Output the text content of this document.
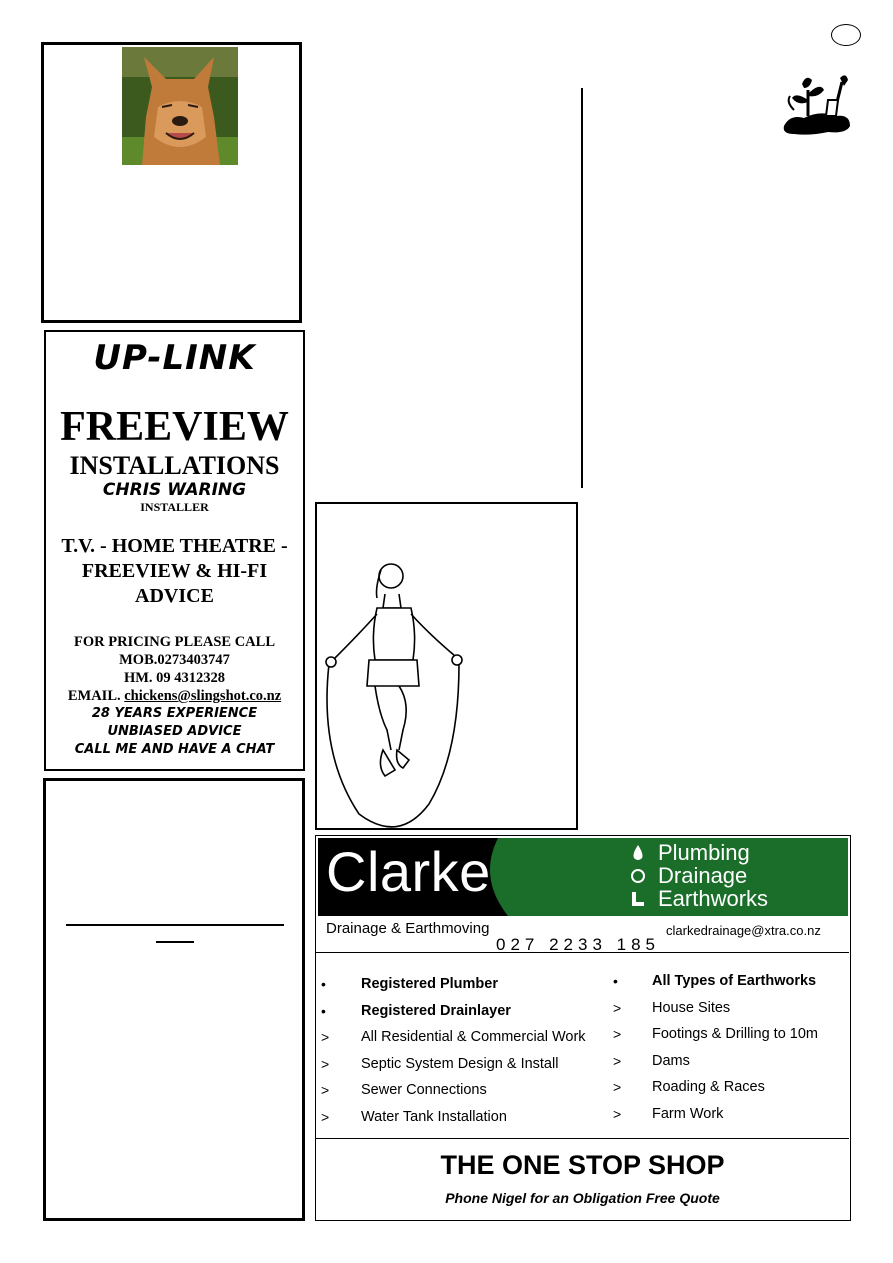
UP-LINK
FREEVIEW
INSTALLATIONS
CHRIS WARING
INSTALLER
T.V. - HOME THEATRE -
FREEVIEW & HI-FI
ADVICE
FOR PRICING PLEASE CALL
MOB.0273403747
HM. 09 4312328
EMAIL. chickens@slingshot.co.nz
28 YEARS EXPERIENCE
UNBIASED ADVICE
CALL ME AND HAVE A CHAT
Clarke	Plumbing
Drainage
Earthworks
Drainage & Earthmoving	clarkedrainage@xtra.co.nz
027 2233 185
THE ONE STOP SHOP
Phone Nigel for an Obligation Free Quote
• Registered Plumber
• Registered Drainlayer
> All Residential & Commercial Work
> Septic System Design & Install
> Sewer Connections
> Water Tank Installation
• All Types of Earthworks
> House Sites
> Footings & Drilling to 10m
> Dams
> Roading & Races
> Farm Work
